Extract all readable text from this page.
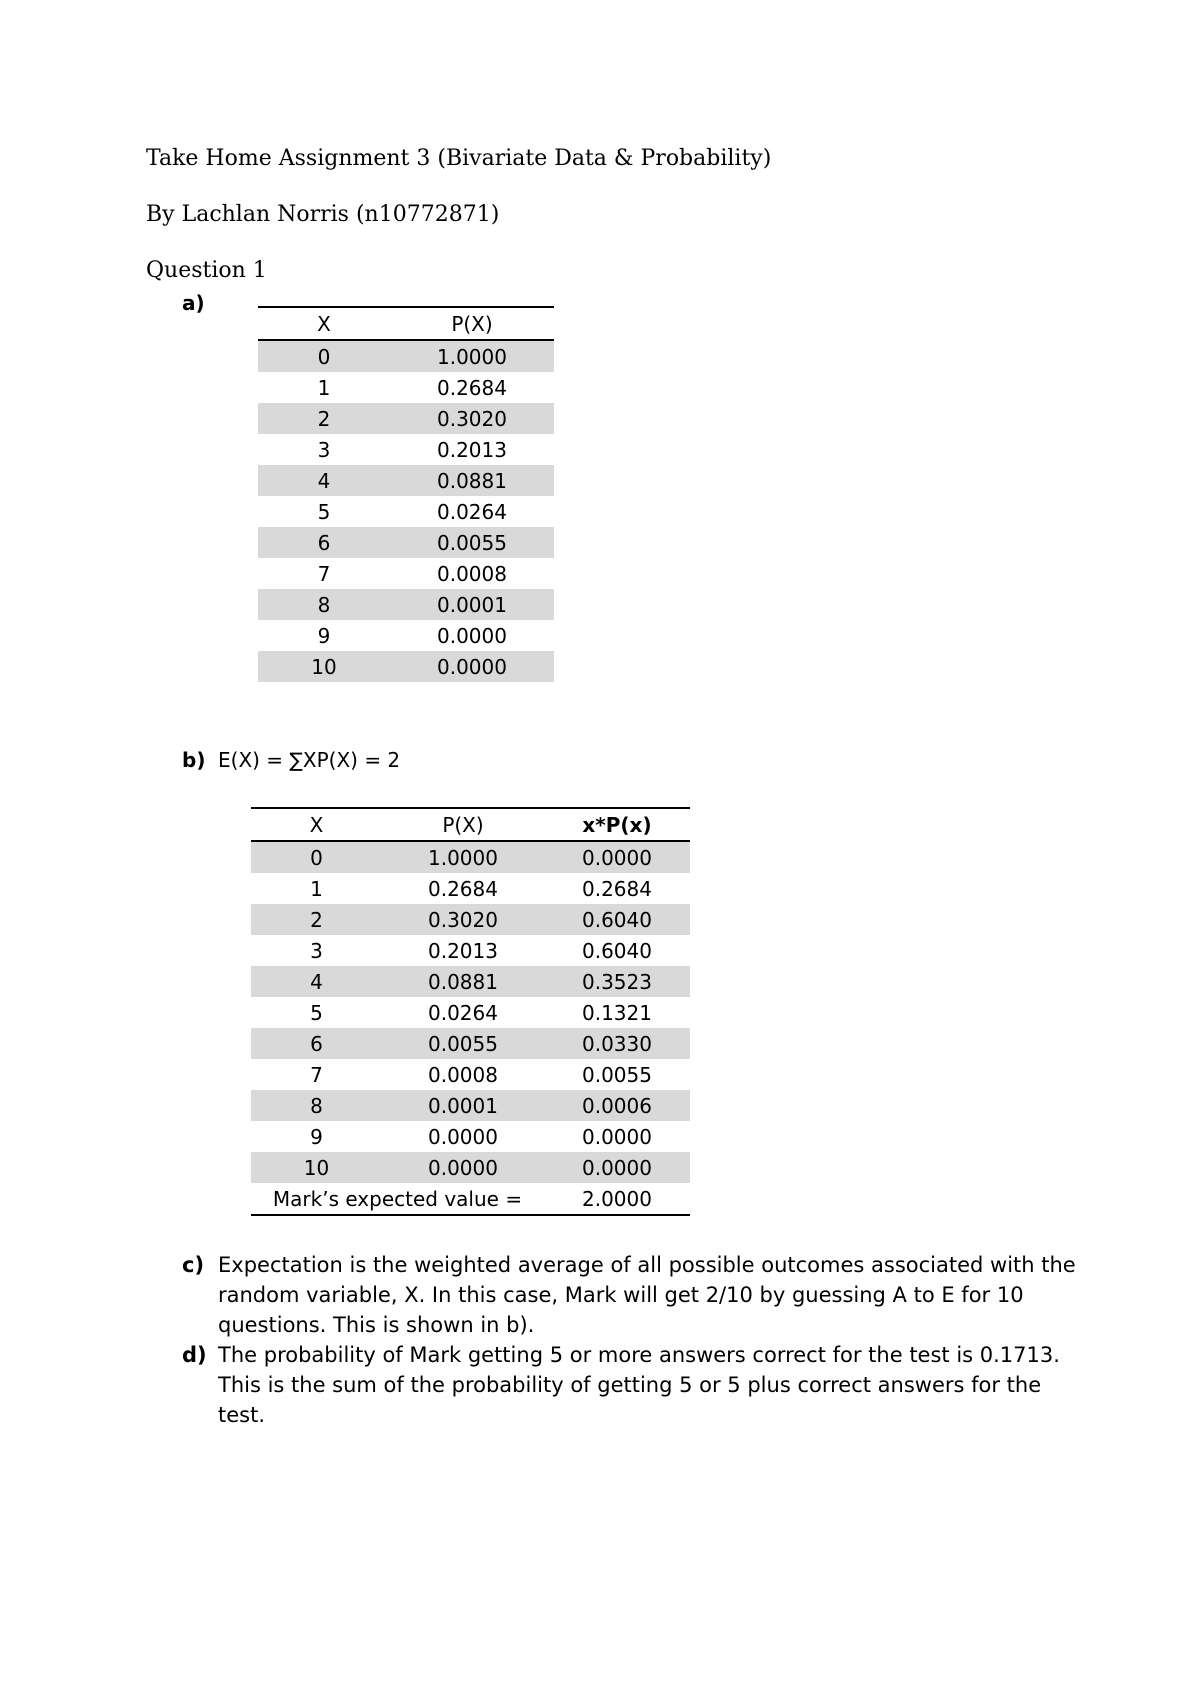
Take Home Assignment 3 (Bivariate Data & Probability)
By Lachlan Norris (n10772871)
Question 1
a)
X	P(X)
0	1.0000
1	0.2684
2	0.3020
3	0.2013
4	0.0881
5	0.0264
6	0.0055
7	0.0008
8	0.0001
9	0.0000
10	0.0000
b) E(X) = ∑XP(X) = 2
X	P(X)	x*P(x)
0	1.0000	0.0000
1	0.2684	0.2684
2	0.3020	0.6040
3	0.2013	0.6040
4	0.0881	0.3523
5	0.0264	0.1321
6	0.0055	0.0330
7	0.0008	0.0055
8	0.0001	0.0006
9	0.0000	0.0000
10	0.0000	0.0000
Mark’s expected value =		2.0000
c) Expectation is the weighted average of all possible outcomes associated with the random variable, X. In this case, Mark will get 2/10 by guessing A to E for 10 questions. This is shown in b).
d) The probability of Mark getting 5 or more answers correct for the test is 0.1713. This is the sum of the probability of getting 5 or 5 plus correct answers for the test.
